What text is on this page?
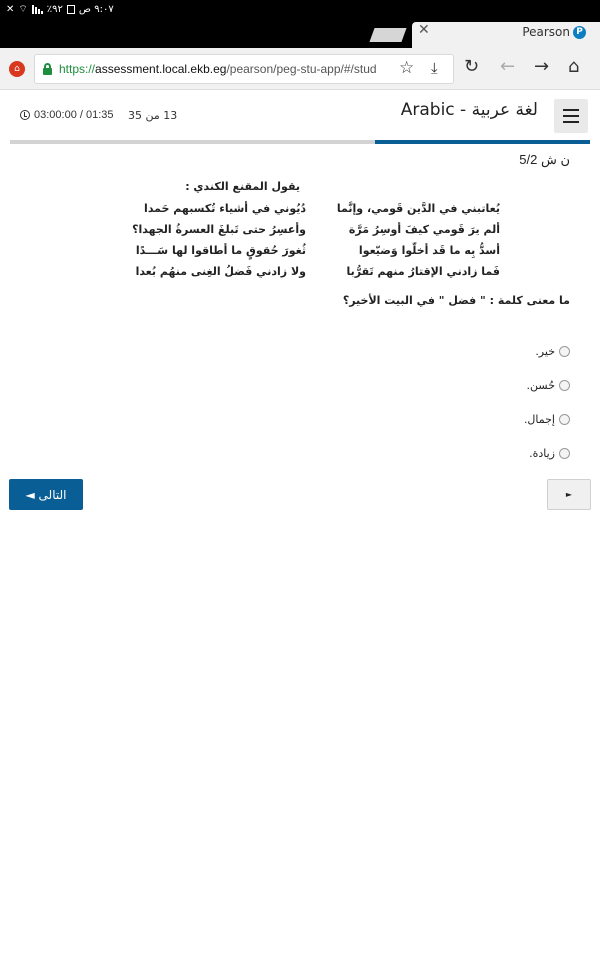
٩:٠٧ ص
٩٢٪
⌔
✕
✕	Pearson P
⌂	https://assessment.local.ekb.eg/pearson/peg-stu-app/#/stud	☆ ⤓ ↻ ← → ⌂
03:00:00 / 01:35 13 من 35	Arabic - لغة عربية
ن ش 5/2
يقول المقنع الكندي :
يُعاتبني في الدَّين قَومي، وإنَّما
دُيُوني في أشياء تُكسبهم حَمدا
ألم يرَ قَومي كيفَ أوسِرُ مَرَّة
وأعسِرُ حتى تَبلغَ العسرةُ الجهدا؟
أسدُّ بِه ما قَد أخلّوا وَضيّعوا
ثُغورَ حُقوقٍ ما أطاقوا لها سَـــدًا
فَما زادني الإقتارُ منهم تَقرُّبا
ولا زادني فَضلُ الغِنى منهُم بُعدا
ما معنى كلمة : " فضل " في البيت الأخير؟
خير.
حُسن.
إجمال.
زيادة.
التالى ◄	►
